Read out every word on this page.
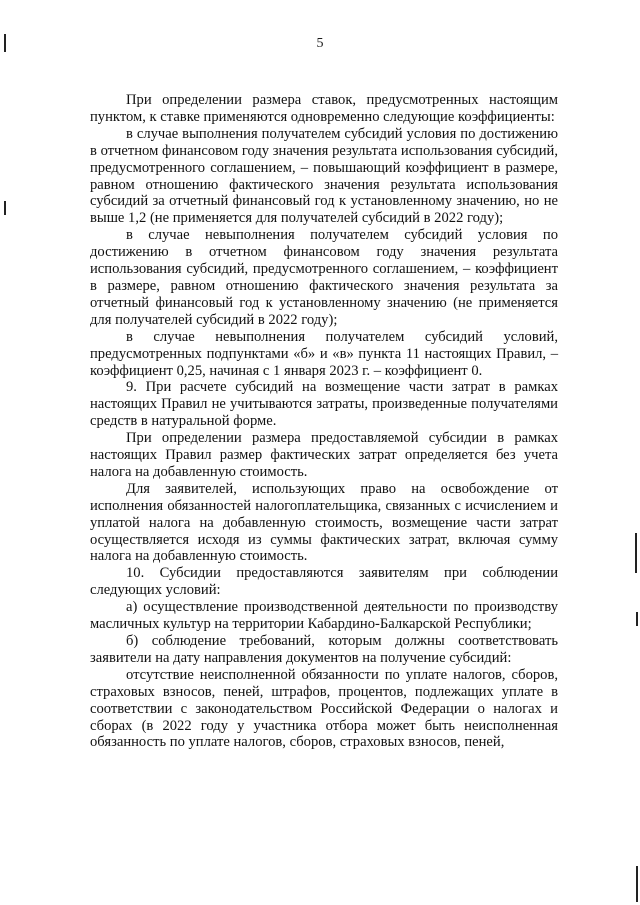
5

При определении размера ставок, предусмотренных настоящим пунктом, к ставке применяются одновременно следующие коэффициенты:

в случае выполнения получателем субсидий условия по достижению в отчетном финансовом году значения результата использования субсидий, предусмотренного соглашением, – повышающий коэффициент в размере, равном отношению фактического значения результата использования субсидий за отчетный финансовый год к установленному значению, но не выше 1,2 (не применяется для получателей субсидий в 2022 году);

в случае невыполнения получателем субсидий условия по достижению в отчетном финансовом году значения результата использования субсидий, предусмотренного соглашением, – коэффициент в размере, равном отношению фактического значения результата за отчетный финансовый год к установленному значению (не применяется для получателей субсидий в 2022 году);

в случае невыполнения получателем субсидий условий, предусмотренных подпунктами «б» и «в» пункта 11 настоящих Правил, – коэффициент 0,25, начиная с 1 января 2023 г. – коэффициент 0.

9. При расчете субсидий на возмещение части затрат в рамках настоящих Правил не учитываются затраты, произведенные получателями средств в натуральной форме.

При определении размера предоставляемой субсидии в рамках настоящих Правил размер фактических затрат определяется без учета налога на добавленную стоимость.

Для заявителей, использующих право на освобождение от исполнения обязанностей налогоплательщика, связанных с исчислением и уплатой налога на добавленную стоимость, возмещение части затрат осуществляется исходя из суммы фактических затрат, включая сумму налога на добавленную стоимость.

10. Субсидии предоставляются заявителям при соблюдении следующих условий:

а) осуществление производственной деятельности по производству масличных культур на территории Кабардино-Балкарской Республики;

б) соблюдение требований, которым должны соответствовать заявители на дату направления документов на получение субсидий:

отсутствие неисполненной обязанности по уплате налогов, сборов, страховых взносов, пеней, штрафов, процентов, подлежащих уплате в соответствии с законодательством Российской Федерации о налогах и сборах (в 2022 году у участника отбора может быть неисполненная обязанность по уплате налогов, сборов, страховых взносов, пеней,
